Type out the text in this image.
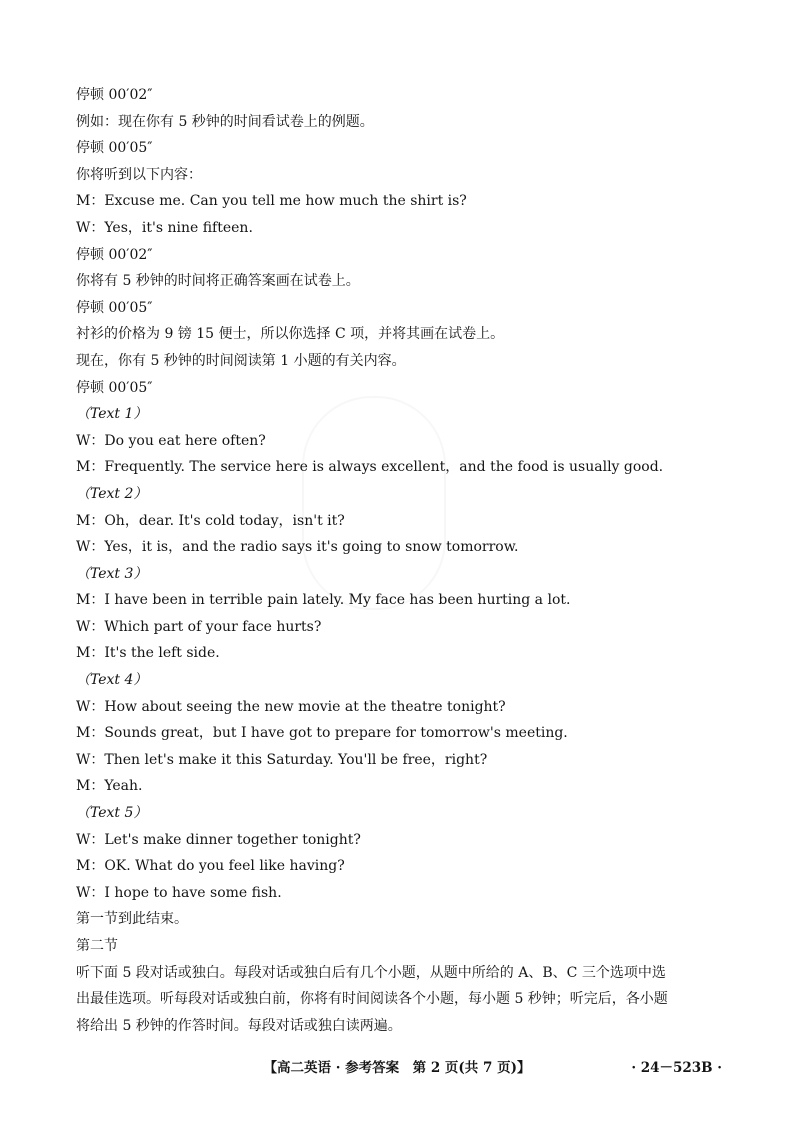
停顿 00′02″
例如：现在你有 5 秒钟的时间看试卷上的例题。
停顿 00′05″
你将听到以下内容：
M：Excuse me. Can you tell me how much the shirt is?
W：Yes，it's nine fifteen.
停顿 00′02″
你将有 5 秒钟的时间将正确答案画在试卷上。
停顿 00′05″
衬衫的价格为 9 镑 15 便士，所以你选择 C 项，并将其画在试卷上。
现在，你有 5 秒钟的时间阅读第 1 小题的有关内容。
停顿 00′05″
（Text 1）
W：Do you eat here often?
M：Frequently. The service here is always excellent，and the food is usually good.
（Text 2）
M：Oh，dear. It's cold today，isn't it?
W：Yes，it is，and the radio says it's going to snow tomorrow.
（Text 3）
M：I have been in terrible pain lately. My face has been hurting a lot.
W：Which part of your face hurts?
M：It's the left side.
（Text 4）
W：How about seeing the new movie at the theatre tonight?
M：Sounds great，but I have got to prepare for tomorrow's meeting.
W：Then let's make it this Saturday. You'll be free，right?
M：Yeah.
（Text 5）
W：Let's make dinner together tonight?
M：OK. What do you feel like having?
W：I hope to have some fish.
第一节到此结束。
第二节
听下面 5 段对话或独白。每段对话或独白后有几个小题，从题中所给的 A、B、C 三个选项中选
出最佳选项。听每段对话或独白前，你将有时间阅读各个小题，每小题 5 秒钟；听完后，各小题
将给出 5 秒钟的作答时间。每段对话或独白读两遍。
【高二英语 · 参考答案　第 2 页(共 7 页)】	· 24－523B ·
